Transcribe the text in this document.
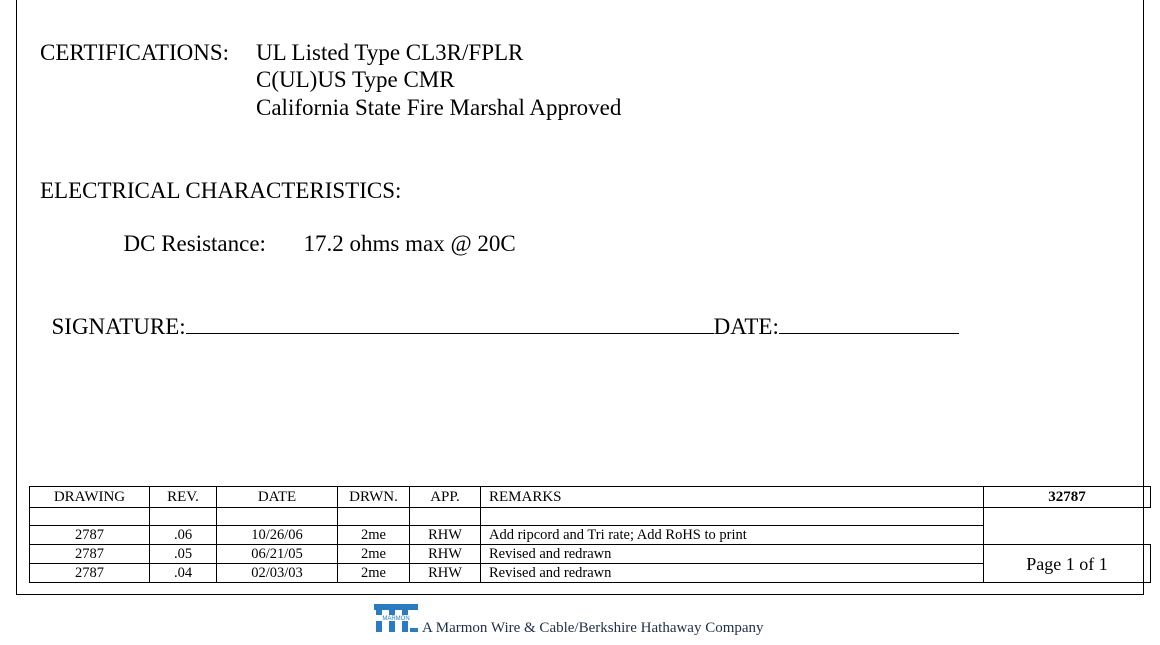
CERTIFICATIONS: UL Listed Type CL3R/FPLR
C(UL)US Type CMR
California State Fire Marshal Approved
ELECTRICAL CHARACTERISTICS:

DC Resistance: 17.2 ohms max @ 20C

SIGNATURE:	DATE:

DRAWING	REV.	DATE	DRWN.	APP.	REMARKS	32787

2787	.06	10/26/06	2me	RHW	Add ripcord and Tri rate; Add RoHS to print	
2787	.05	06/21/05	2me	RHW	Revised and redrawn	Page 1 of 1
2787	.04	02/03/03	2me	RHW	Revised and redrawn	
MARMON
A Marmon Wire & Cable/Berkshire Hathaway Company
